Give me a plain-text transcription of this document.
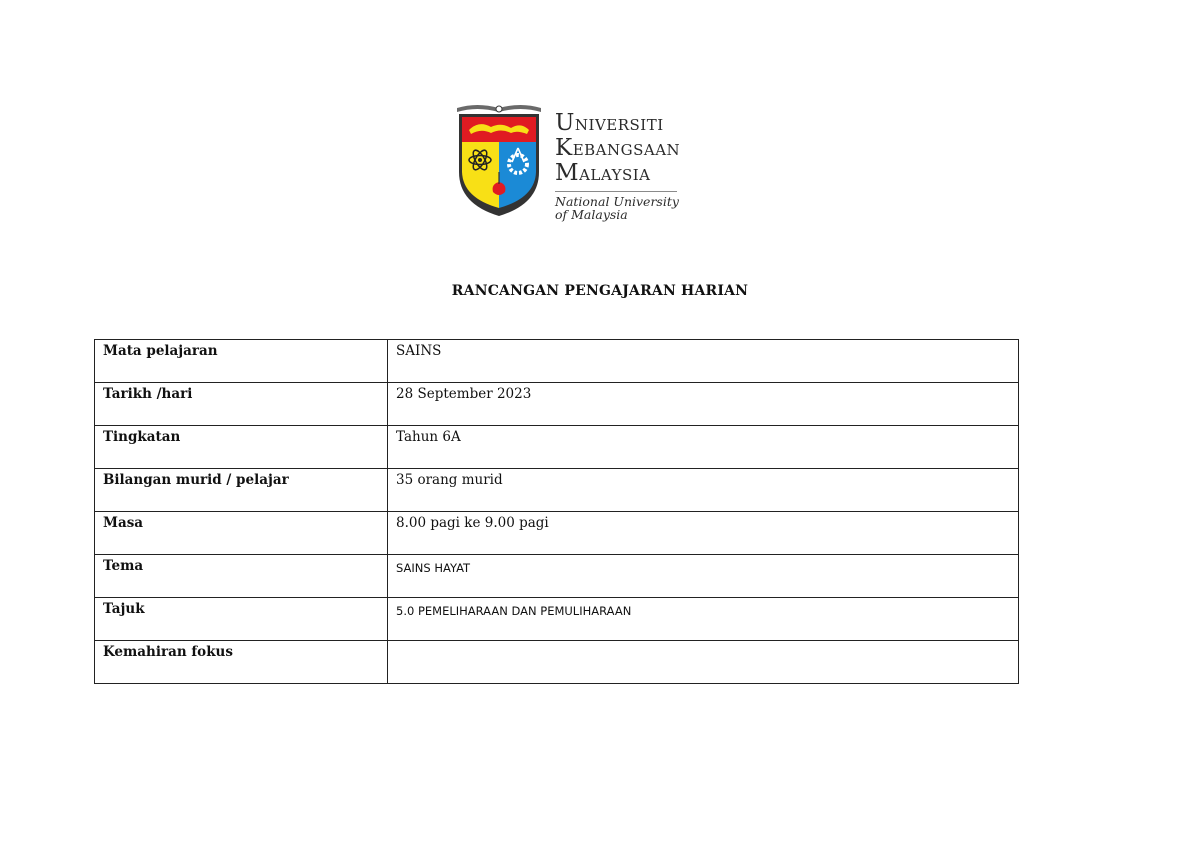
UNIVERSITI
KEBANGSAAN
MALAYSIA
National University
of Malaysia
RANCANGAN PENGAJARAN HARIAN
Mata pelajaran	SAINS
Tarikh /hari	28 September 2023
Tingkatan	Tahun 6A
Bilangan murid / pelajar	35 orang murid
Masa	8.00 pagi ke 9.00 pagi
Tema	SAINS HAYAT
Tajuk	5.0 PEMELIHARAAN DAN PEMULIHARAAN
Kemahiran fokus	
